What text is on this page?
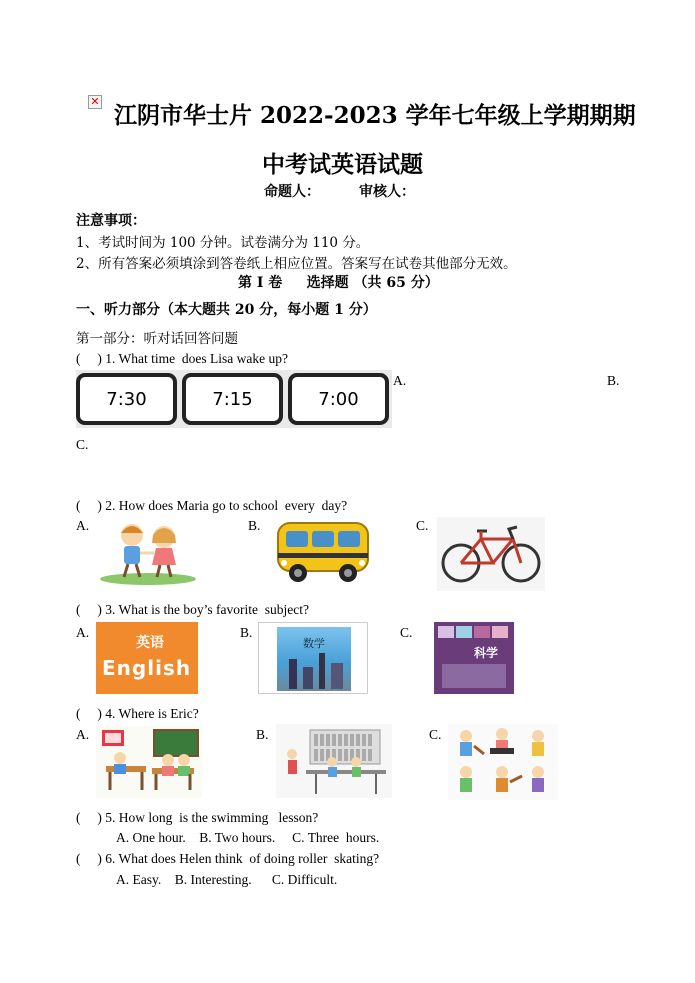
✕
江阴市华士片 2022-2023 学年七年级上学期期期
中考试英语试题
命题人：        审核人：
注意事项：
1、考试时间为 100 分钟。试卷满分为 110 分。
2、所有答案必须填涂到答卷纸上相应位置。答案写在试卷其他部分无效。
第 I 卷     选择题 （共 65 分）
一、听力部分（本大题共 20 分，每小题 1 分）
第一部分：听对话回答问题
(     ) 1. What time  does Lisa wake up?
7:30	7:15	7:00
A.	B.
C.
(     ) 2. How does Maria go to school  every  day?
A.	B.	C.
(     ) 3. What is the boy’s favorite  subject?
A.	B.	C.
英语
English
数学
科学
(     ) 4. Where is Eric?
A.	B.	C.
(     ) 5. How long  is the swimming   lesson?
A. One hour.    B. Two hours.     C. Three  hours.
(     ) 6. What does Helen think  of doing roller  skating?
A. Easy.    B. Interesting.      C. Difficult.
